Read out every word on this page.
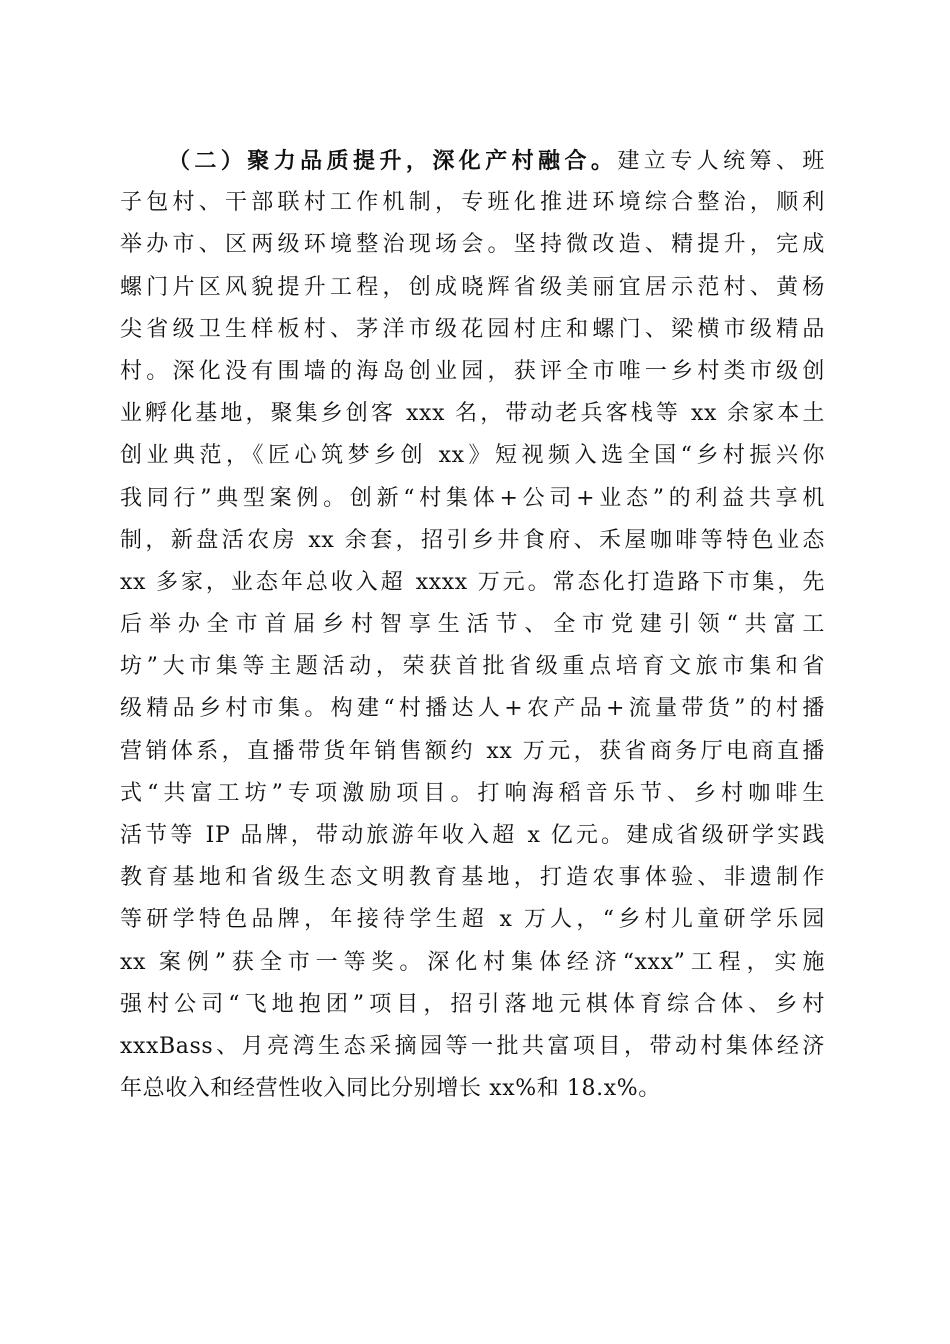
（二）聚力品质提升，深化产村融合。建立专人统筹、班
子包村、干部联村工作机制，专班化推进环境综合整治，顺利
举办市、区两级环境整治现场会。坚持微改造、精提升，完成
螺门片区风貌提升工程，创成晓辉省级美丽宜居示范村、黄杨
尖省级卫生样板村、茅洋市级花园村庄和螺门、梁横市级精品
村。深化没有围墙的海岛创业园，获评全市唯一乡村类市级创
业孵化基地，聚集乡创客 xxx 名，带动老兵客栈等 xx 余家本土
创业典范，《匠心筑梦乡创 xx》短视频入选全国“乡村振兴你
我同行”典型案例。创新“村集体+公司+业态”的利益共享机
制，新盘活农房 xx 余套，招引乡井食府、禾屋咖啡等特色业态
xx 多家，业态年总收入超 xxxx 万元。常态化打造路下市集，先
后举办全市首届乡村智享生活节、全市党建引领“共富工
坊”大市集等主题活动，荣获首批省级重点培育文旅市集和省
级精品乡村市集。构建“村播达人+农产品+流量带货”的村播
营销体系，直播带货年销售额约 xx 万元，获省商务厅电商直播
式“共富工坊”专项激励项目。打响海稻音乐节、乡村咖啡生
活节等 IP 品牌，带动旅游年收入超 x 亿元。建成省级研学实践
教育基地和省级生态文明教育基地，打造农事体验、非遗制作
等研学特色品牌，年接待学生超 x 万人，“乡村儿童研学乐园
xx 案例”获全市一等奖。深化村集体经济“xxx”工程，实施
强村公司“飞地抱团”项目，招引落地元棋体育综合体、乡村
xxxBass、月亮湾生态采摘园等一批共富项目，带动村集体经济
年总收入和经营性收入同比分别增长 xx%和 18.x%。
